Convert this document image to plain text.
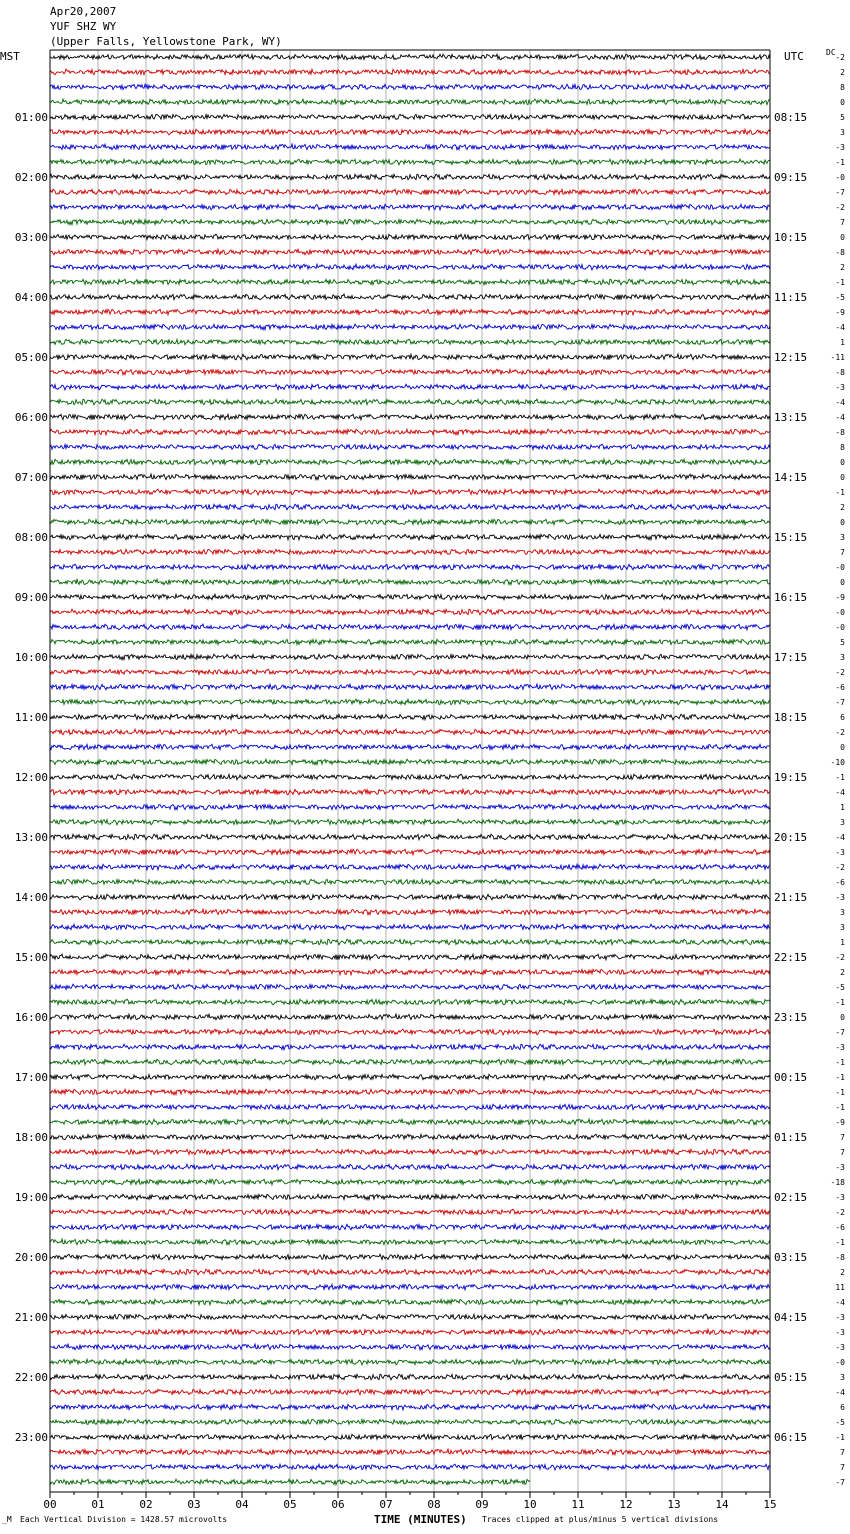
Apr20,2007
YUF SHZ WY
(Upper Falls, Yellowstone Park, WY)
MST	UTC	DC
00	01	02	03	04	05	06	07	08	09	10	11	12	13	14	15
01:00
02:00
03:00
04:00
05:00
06:00
07:00
08:00
09:00
10:00
11:00
12:00
13:00
14:00
15:00
16:00
17:00
18:00
19:00
20:00
21:00
22:00
23:00
08:15
09:15
10:15
11:15
12:15
13:15
14:15
15:15
16:15
17:15
18:15
19:15
20:15
21:15
22:15
23:15
00:15
01:15
02:15
03:15
04:15
05:15
06:15
-2
2
8
0
5
3
-3
-1
-0
-7
-2
7
0
-8
2
-1
-5
-9
-4
1
-11
-8
-3
-4
-4
-8
8
0
0
-1
2
0
3
7
-0
0
-9
-0
-0
5
3
-2
-6
-7
6
-2
0
-10
-1
-4
1
3
-4
-3
-2
-6
-3
3
3
1
-2
2
-5
-1
0
-7
-3
-1
-1
-1
-1
-9
7
7
-3
-18
-3
-2
-6
-1
-8
2
11
-4
-3
-3
-3
-0
3
-4
6
-5
-1
7
7
-7
_M Each Vertical Division = 1428.57 microvolts	TIME (MINUTES) Traces clipped at plus/minus 5 vertical divisions
